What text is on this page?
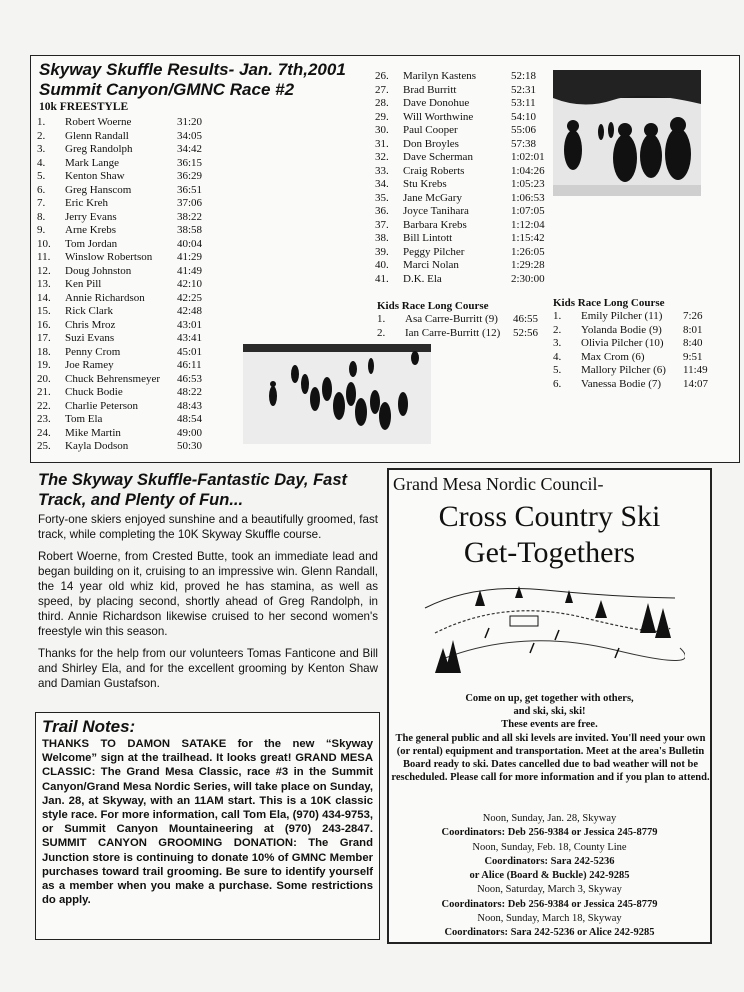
Skyway Skuffle Results- Jan. 7th,2001
Summit Canyon/GMNC Race #2
10k FREESTYLE
1. Robert Woerne	31:20
2. Glenn Randall	34:05
3. Greg Randolph	34:42
4. Mark Lange	36:15
5. Kenton Shaw	36:29
6. Greg Hanscom	36:51
7. Eric Kreh	37:06
8. Jerry Evans	38:22
9. Arne Krebs	38:58
10. Tom Jordan	40:04
11. Winslow Robertson 41:29
12. Doug Johnston	41:49
13. Ken Pill	42:10
14. Annie Richardson	42:25
15. Rick Clark	42:48
16. Chris Mroz	43:01
17. Suzi Evans	43:41
18. Penny Crom	45:01
19. Joe Ramey	46:11
20. Chuck Behrensmeyer 46:53
21. Chuck Bodie	48:22
22. Charlie Peterson	48:43
23. Tom Ela	48:54
24. Mike Martin	49:00
25. Kayla Dodson	50:30
26. Marilyn Kastens	52:18
27. Brad Burritt	52:31
28. Dave Donohue	53:11
29. Will Worthwine	54:10
30. Paul Cooper	55:06
31. Don Broyles	57:38
32. Dave Scherman	1:02:01
33. Craig Roberts	1:04:26
34. Stu Krebs	1:05:23
35. Jane McGary	1:06:53
36. Joyce Tanihara	1:07:05
37. Barbara Krebs	1:12:04
38. Bill Lintott	1:15:42
39. Peggy Pilcher	1:26:05
40. Marci Nolan	1:29:28
41. D.K. Ela	2:30:00
Kids Race Long Course
1. Asa Carre-Burritt (9) 46:55
2. Ian Carre-Burritt (12) 52:56
Kids Race Long Course
1. Emily Pilcher (11) 7:26
2. Yolanda Bodie (9) 8:01
3. Olivia Pilcher (10) 8:40
4. Max Crom (6)	9:51
5. Mallory Pilcher (6) 11:49
6. Vanessa Bodie (7) 14:07
The Skyway Skuffle-Fantastic Day, Fast Track, and Plenty of Fun...

Forty-one skiers enjoyed sunshine and a beautifully groomed, fast track, while completing the 10K Skyway Skuffle course.

Robert Woerne, from Crested Butte, took an immediate lead and began building on it, cruising to an impressive win. Glenn Randall, the 14 year old whiz kid, proved he has stamina, as well as speed, by placing second, shortly ahead of Greg Randolph, in third. Annie Richardson likewise cruised to her second women's freestyle win this season.

Thanks for the help from our volunteers Tomas Fanticone and Bill and Shirley Ela, and for the excellent grooming by Kenton Shaw and Damian Gustafson.

Trail Notes:

THANKS TO DAMON SATAKE for the new “Skyway Welcome” sign at the trailhead. It looks great! GRAND MESA CLASSIC: The Grand Mesa Classic, race #3 in the Summit Canyon/Grand Mesa Nordic Series, will take place on Sunday, Jan. 28, at Skyway, with an 11AM start. This is a 10K classic style race. For more information, call Tom Ela, (970) 434-9753, or Summit Canyon Mountaineering at (970) 243-2847. SUMMIT CANYON GROOMING DONATION: The Grand Junction store is continuing to donate 10% of GMNC Member purchases toward trail grooming. Be sure to identify yourself as a member when you make a purchase. Some restrictions do apply.

Grand Mesa Nordic Council-
Cross Country Ski
Get-Togethers
Come on up, get together with others,
and ski, ski, ski!
These events are free.
The general public and all ski levels are invited. You'll need your own (or rental) equipment and transportation. Meet at the area's Bulletin Board ready to ski. Dates cancelled due to bad weather will not be rescheduled. Please call for more information and if you plan to attend.
Noon, Sunday, Jan. 28, Skyway
Coordinators: Deb 256-9384 or Jessica 245-8779
Noon, Sunday, Feb. 18, County Line
Coordinators: Sara 242-5236
or Alice (Board & Buckle) 242-9285
Noon, Saturday, March 3, Skyway
Coordinators: Deb 256-9384 or Jessica 245-8779
Noon, Sunday, March 18, Skyway
Coordinators: Sara 242-5236 or Alice 242-9285
